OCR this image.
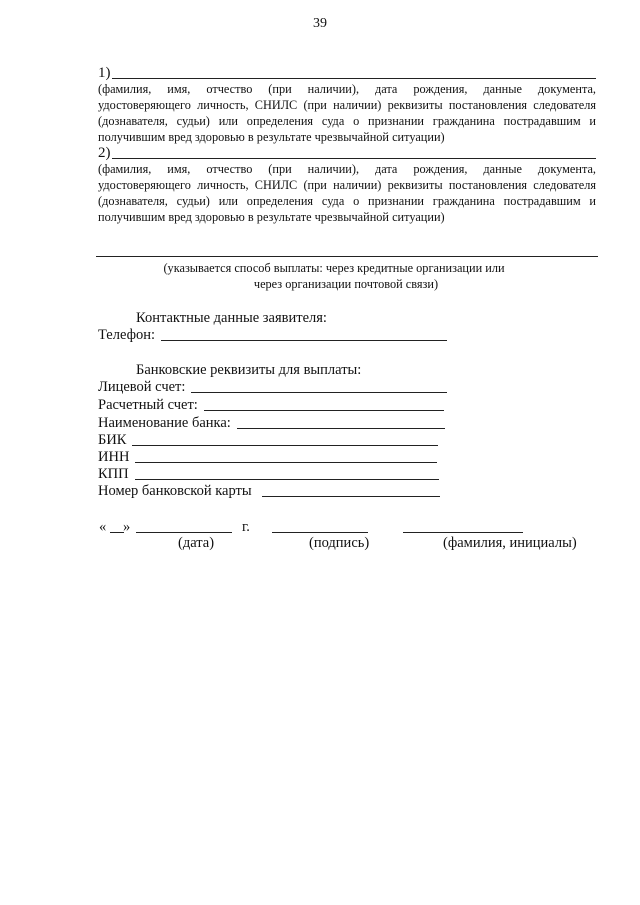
39
1)
(фамилия, имя, отчество (при наличии), дата рождения, данные документа,
удостоверяющего личность, СНИЛС (при наличии) реквизиты постановления следователя
(дознавателя, судьи) или определения суда о признании гражданина пострадавшим и
получившим вред здоровью в результате чрезвычайной ситуации)
2)
(фамилия, имя, отчество (при наличии), дата рождения, данные документа,
удостоверяющего личность, СНИЛС (при наличии) реквизиты постановления следователя
(дознавателя, судьи) или определения суда о признании гражданина пострадавшим и
получившим вред здоровью в результате чрезвычайной ситуации)
(указывается способ выплаты: через кредитные организации или
через организации почтовой связи)
Контактные данные заявителя:
Телефон:
Банковские реквизиты для выплаты:
Лицевой счет:
Расчетный счет:
Наименование банка:
БИК
ИНН
КПП
Номер банковской карты
« »	г.
(дата)	(подпись)	(фамилия, инициалы)
